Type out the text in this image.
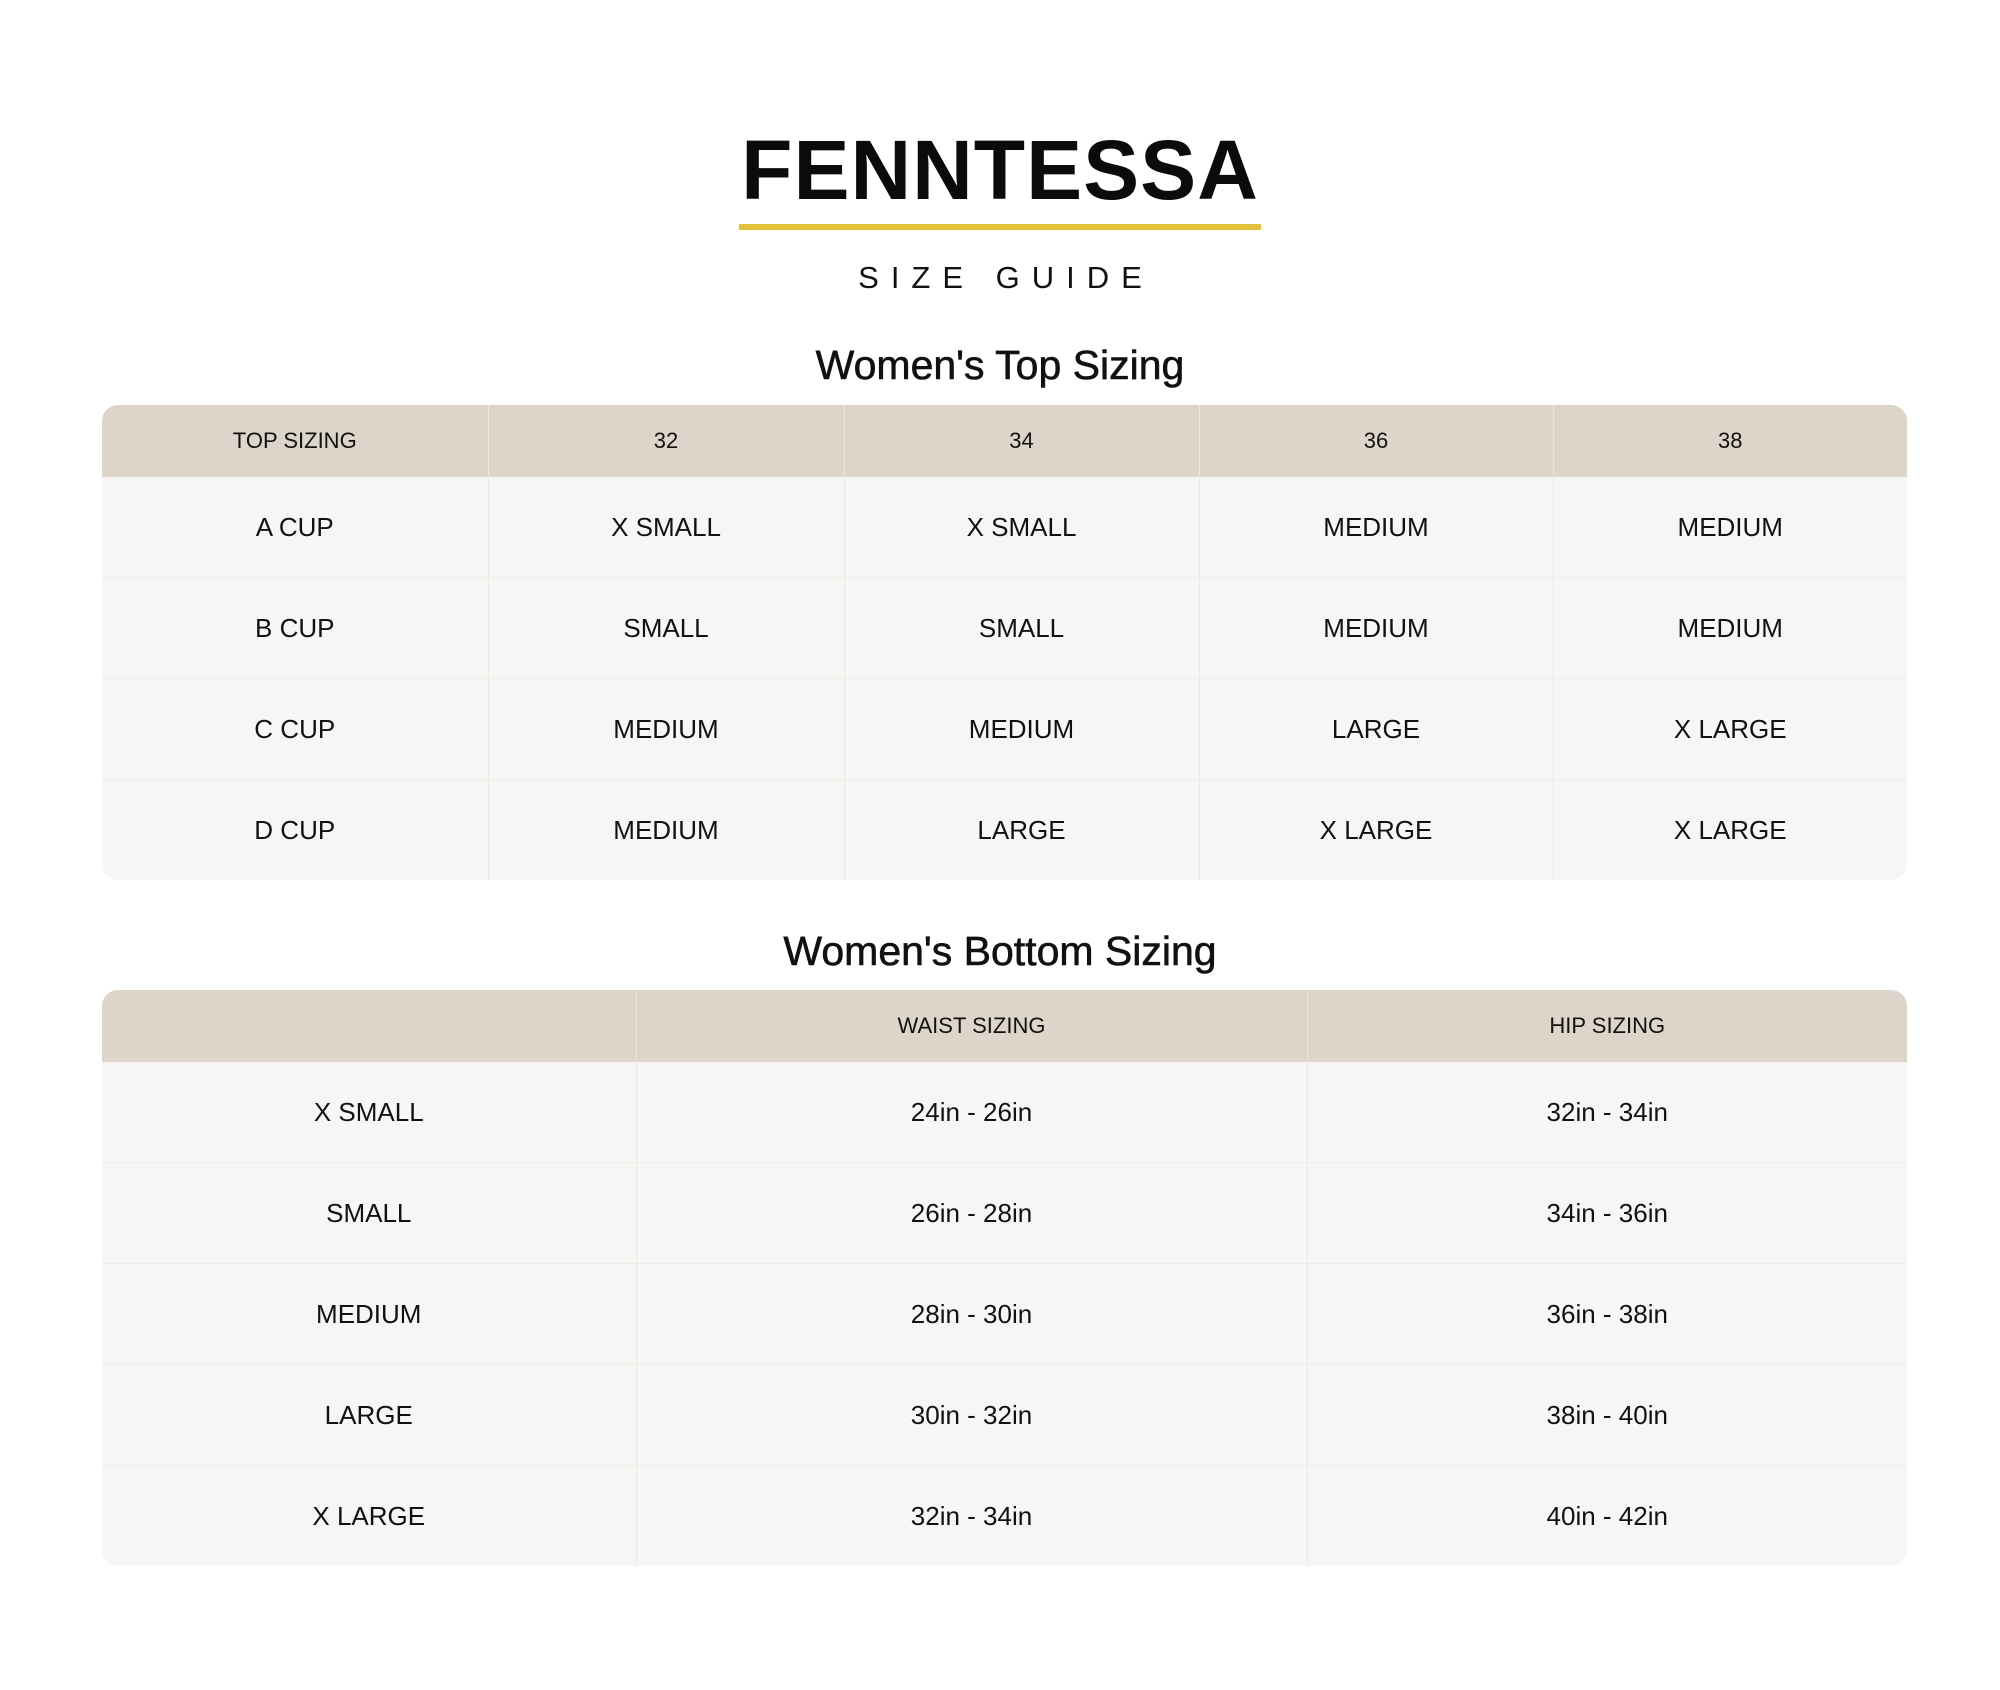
FENNTESSA
SIZE GUIDE
Women's Top Sizing
TOP SIZING	32	34	36	38
A CUP	X SMALL	X SMALL	MEDIUM	MEDIUM
B CUP	SMALL	SMALL	MEDIUM	MEDIUM
C CUP	MEDIUM	MEDIUM	LARGE	X LARGE
D CUP	MEDIUM	LARGE	X LARGE	X LARGE
Women's Bottom Sizing
	WAIST SIZING	HIP SIZING
X SMALL	24in - 26in	32in - 34in
SMALL	26in - 28in	34in - 36in
MEDIUM	28in - 30in	36in - 38in
LARGE	30in - 32in	38in - 40in
X LARGE	32in - 34in	40in - 42in
